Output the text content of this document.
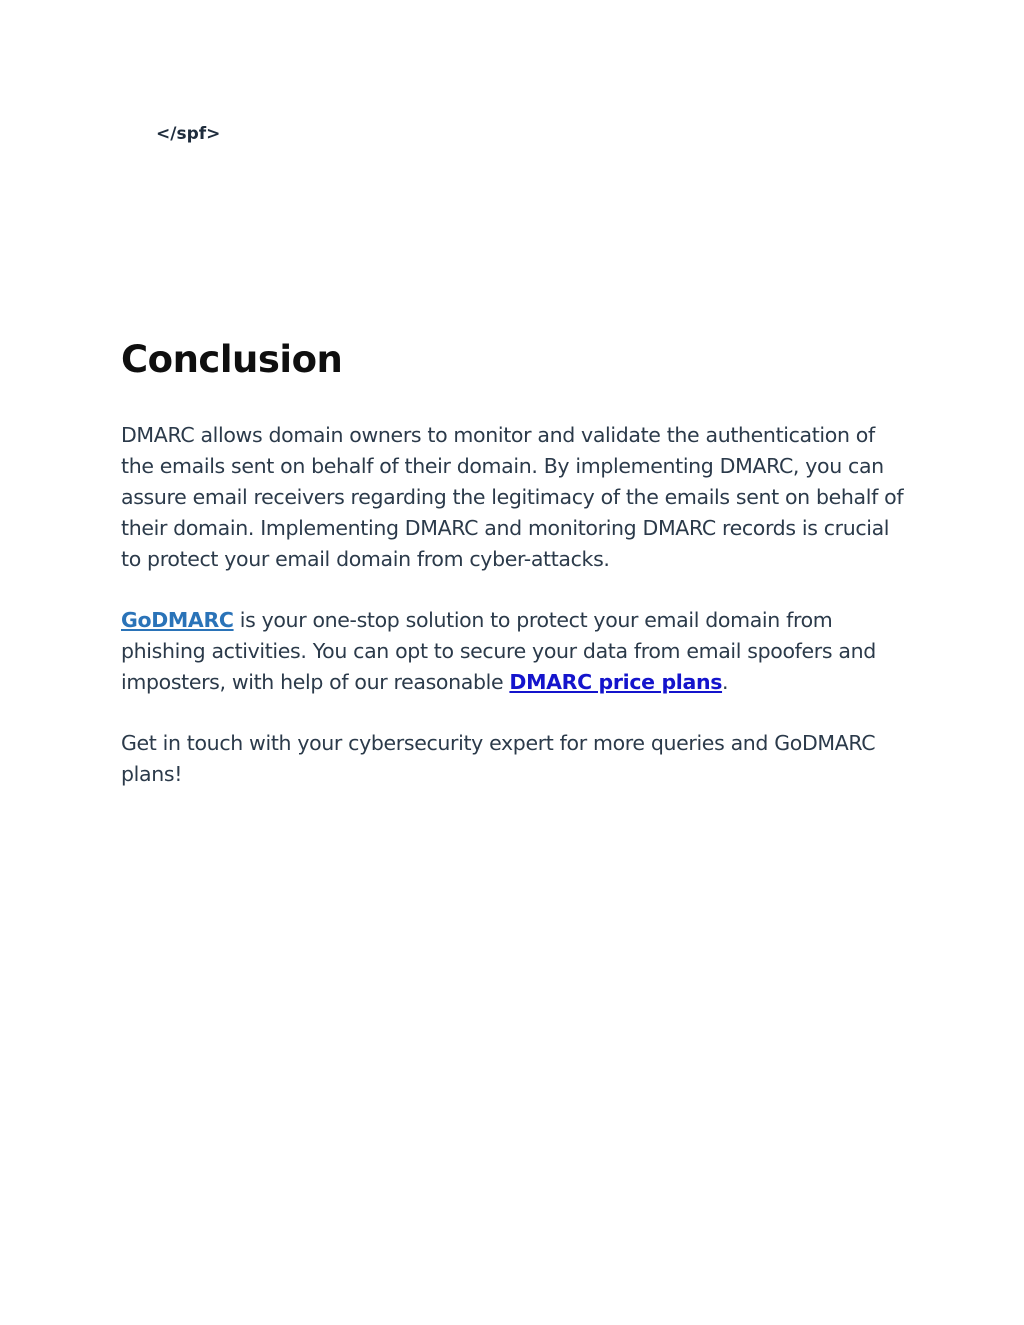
</spf>

Conclusion

DMARC allows domain owners to monitor and validate the authentication of the emails sent on behalf of their domain. By implementing DMARC, you can assure email receivers regarding the legitimacy of the emails sent on behalf of their domain. Implementing DMARC and monitoring DMARC records is crucial to protect your email domain from cyber-attacks.

GoDMARC is your one-stop solution to protect your email domain from phishing activities. You can opt to secure your data from email spoofers and imposters, with help of our reasonable DMARC price plans.

Get in touch with your cybersecurity expert for more queries and GoDMARC plans!
